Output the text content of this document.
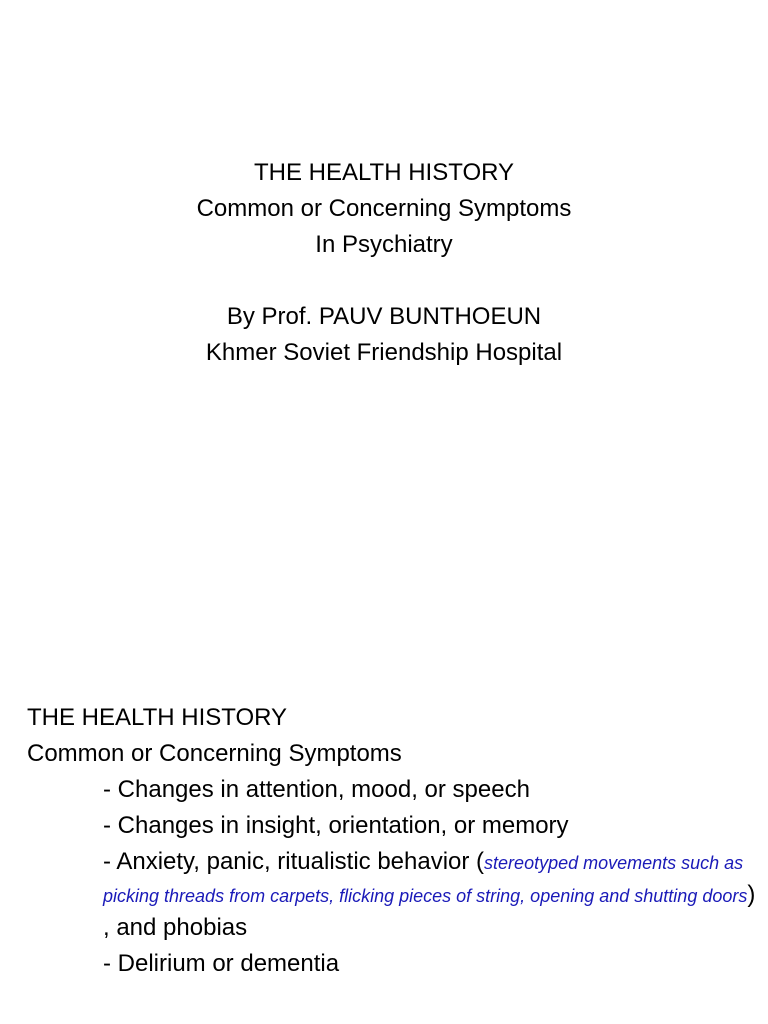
THE HEALTH HISTORY
Common or Concerning Symptoms
In Psychiatry
By Prof. PAUV BUNTHOEUN
Khmer Soviet Friendship Hospital
THE HEALTH HISTORY
Common or Concerning Symptoms
- Changes in attention, mood, or speech
- Changes in insight, orientation, or memory
- Anxiety, panic, ritualistic behavior (stereotyped movements such as picking threads from carpets, flicking pieces of string, opening and shutting doors) , and phobias
- Delirium or dementia
